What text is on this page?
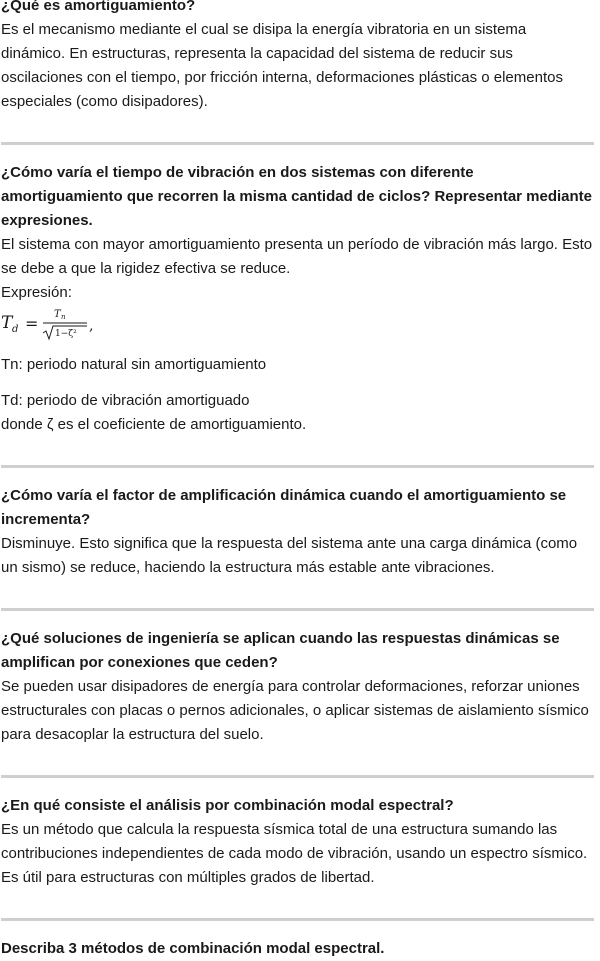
¿Qué es amortiguamiento?

Es el mecanismo mediante el cual se disipa la energía vibratoria en un sistema dinámico. En estructuras, representa la capacidad del sistema de reducir sus oscilaciones con el tiempo, por fricción interna, deformaciones plásticas o elementos especiales (como disipadores).

¿Cómo varía el tiempo de vibración en dos sistemas con diferente amortiguamiento que recorren la misma cantidad de ciclos? Representar mediante expresiones.

El sistema con mayor amortiguamiento presenta un período de vibración más largo. Esto se debe a que la rigidez efectiva se reduce.

Expresión:

T d = T n
1−ζ² ,

Tn: periodo natural sin amortiguamiento

Td: periodo de vibración amortiguado

donde ζ es el coeficiente de amortiguamiento.

¿Cómo varía el factor de amplificación dinámica cuando el amortiguamiento se incrementa?

Disminuye. Esto significa que la respuesta del sistema ante una carga dinámica (como un sismo) se reduce, haciendo la estructura más estable ante vibraciones.

¿Qué soluciones de ingeniería se aplican cuando las respuestas dinámicas se amplifican por conexiones que ceden?

Se pueden usar disipadores de energía para controlar deformaciones, reforzar uniones estructurales con placas o pernos adicionales, o aplicar sistemas de aislamiento sísmico para desacoplar la estructura del suelo.

¿En qué consiste el análisis por combinación modal espectral?

Es un método que calcula la respuesta sísmica total de una estructura sumando las contribuciones independientes de cada modo de vibración, usando un espectro sísmico. Es útil para estructuras con múltiples grados de libertad.

Describa 3 métodos de combinación modal espectral.
